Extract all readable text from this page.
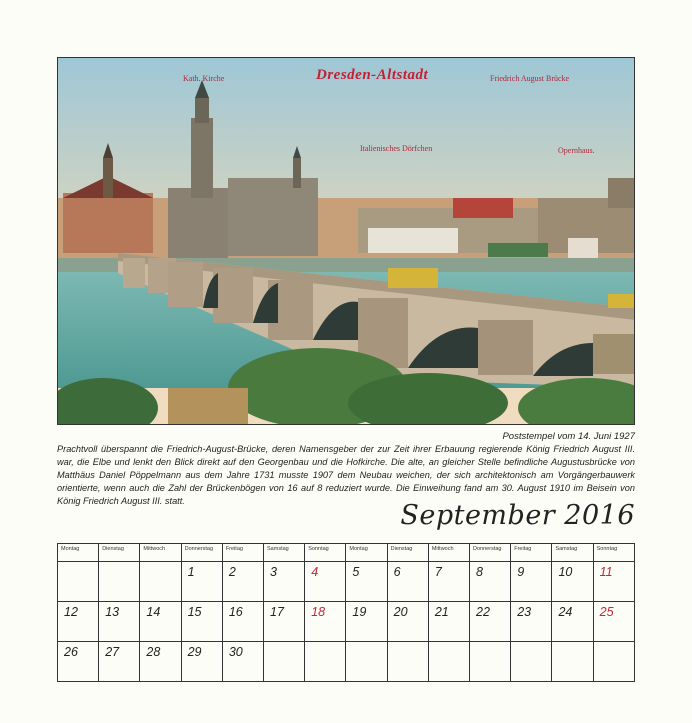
Kath. Kirche	Dresden-Altstadt	Friedrich August Brücke
Italienisches Dörfchen	Opernhaus.
Poststempel vom 14. Juni 1927
Prachtvoll überspannt die Friedrich-August-Brücke, deren Namensgeber der zur Zeit ihrer Erbauung regierende König Friedrich August III. war, die Elbe und lenkt den Blick direkt auf den Georgenbau und die Hofkirche. Die alte, an gleicher Stelle befindliche Augustusbrücke von Matthäus Daniel Pöppelmann aus dem Jahre 1731 musste 1907 dem Neubau weichen, der sich architektonisch am Vorgängerbauwerk orientierte, wenn auch die Zahl der Brückenbögen von 16 auf 8 reduziert wurde. Die Einweihung fand am 30. August 1910 im Beisein von König Friedrich August III. statt.	September 2016
Montag	Dienstag	Mittwoch	Donnerstag	Freitag	Samstag	Sonntag	Montag	Dienstag	Mittwoch	Donnerstag	Freitag	Samstag	Sonntag
			1	2	3	4	5	6	7	8	9	10	11
12	13	14	15	16	17	18	19	20	21	22	23	24	25
26	27	28	29	30									
